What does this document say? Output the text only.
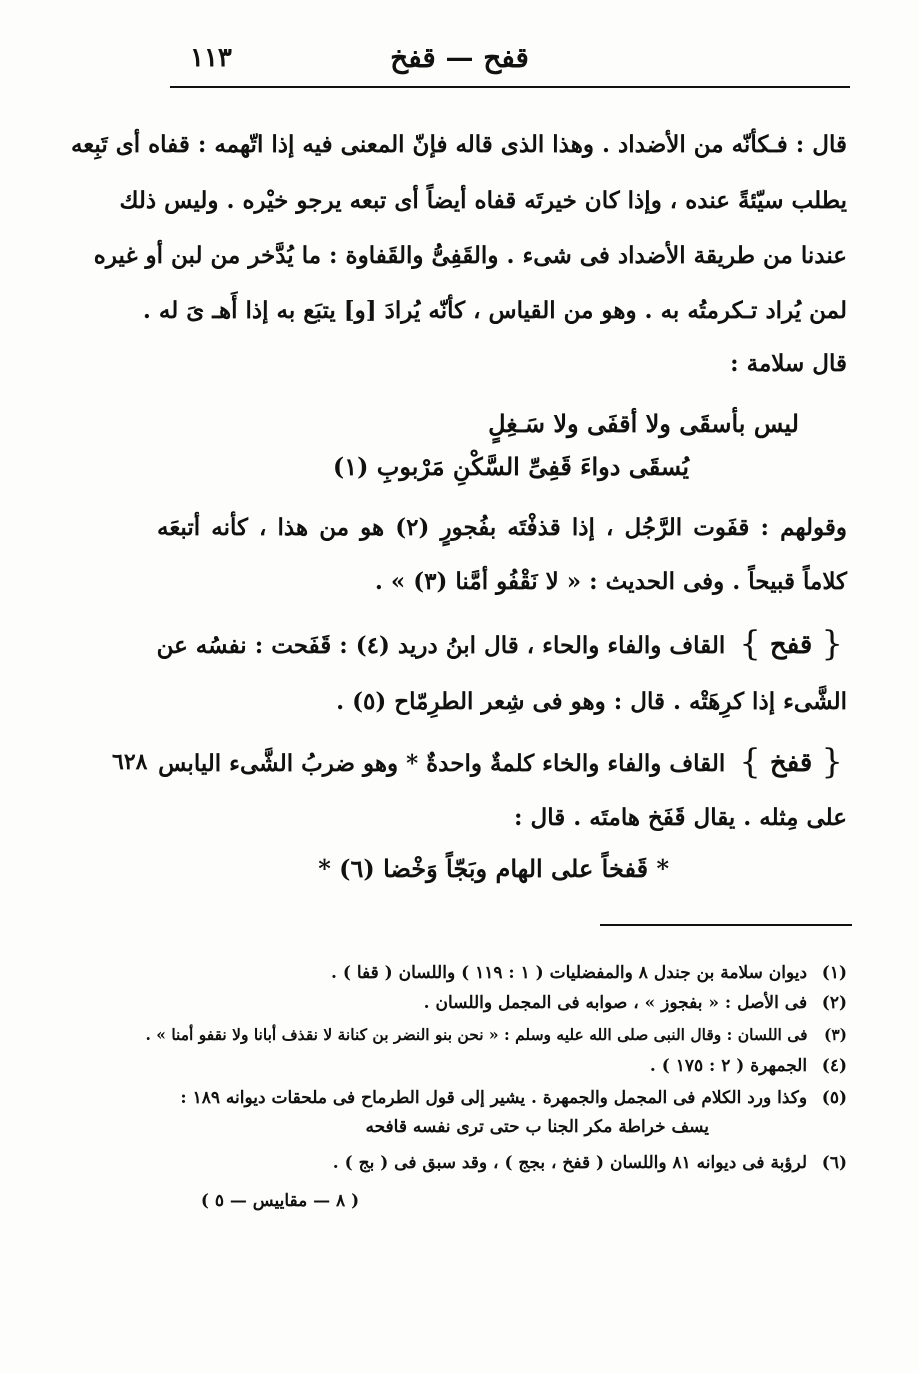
قفح — قفخ
١١٣
قال : فـكأنّه من الأضداد . وهذا الذى قاله فإنّ المعنى فيه إذا اتّهمه : قفاه أى تَبِعه
يطلب سيّئةً عنده ، وإذا كان خيرتَه قفاه أيضاً أى تبعه يرجو خيْره . وليس ذلك
عندنا من طريقة الأضداد فى شىء . والقَفِىُّ والقَفاوة : ما يُدَّخر من لبن أو غيره
لمن يُراد تـكرمتُه به . وهو من القياس ، كأنّه يُرادَ [و] يتبَع به إذا أَهـ ىَ له .
قال سلامة :
ليس بأسقَى ولا أقفَى ولا سَـغِلٍ
يُسقَى دواءَ قَفِىِّ السَّكْنِ مَرْبوبِ (١)
وقولهم : قفَوت الرَّجُل ، إذا قذفْتَه بفُجورٍ (٢) هو من هذا ، كأنه أتبعَه
كلاماً قبيحاً . وفى الحديث : « لا نَقْفُو أمَّنا (٣) » .
{ قفح }القاف والفاء والحاء ، قال ابنُ دريد (٤) : قَفَحت : نفسُه عن
الشَّىء إذا كرِهَتْه . قال : وهو فى شِعر الطرِمّاح (٥) .
{ قفخ }القاف والفاء والخاء كلمةٌ واحدةٌ * وهو ضربُ الشَّىء اليابس
٦٢٨
على مِثله . يقال قَفَخ هامتَه . قال :
* قَفخاً على الهام وبَجّاً وَخْضا (٦) *
(١) ديوان سلامة بن جندل ٨ والمفضليات ( ١ : ١١٩ ) واللسان ( قفا ) .
(٢) فى الأصل : « بفجوز » ، صوابه فى المجمل واللسان .
(٣) فى اللسان : وقال النبى صلى الله عليه وسلم : « نحن بنو النضر بن كنانة لا نقذف أبانا ولا نقفو أمنا » .
(٤) الجمهرة ( ٢ : ١٧٥ ) .
(٥) وكذا ورد الكلام فى المجمل والجمهرة . يشير إلى قول الطرماح فى ملحقات ديوانه ١٨٩ :
يسف خراطة مكر الجنا ب حتى ترى نفسه قافحه
(٦) لرؤبة فى ديوانه ٨١ واللسان ( قفخ ، بجج ) ، وقد سبق فى ( بج ) .
( ٨ — مقاييس — ٥ )
